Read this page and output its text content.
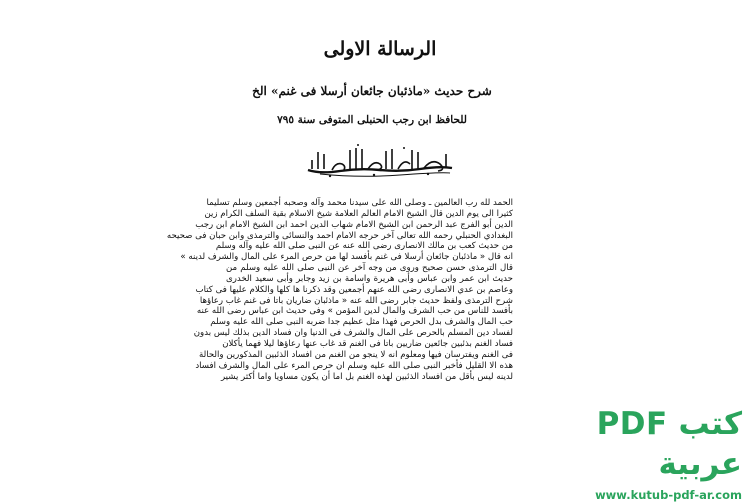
الرسالة الاولى
شرح حديث «ماذئبان جائعان أرسلا فى غنم» الخ
للحافظ ابن رجب الحنبلى المتوفى سنة ٧٩٥
الحمد لله رب العالمين ـ وصلى الله على سيدنا محمد وآله وصحبه أجمعين وسلم تسليما
كثيرا الى يوم الدين قال الشيخ الامام العالم العلامة شيخ الاسلام بقية السلف الكرام زين
الدين أبو الفرج عبد الرحمن ابن الشيخ الامام شهاب الدين احمد ابن الشيخ الامام ابن رجب
البغدادي الحنبلي رحمه الله تعالى آخر حرجه الامام احمد والنسائى والترمذى وابن حبان فى صحيحه
من حديث كعب بن مالك الانصارى رضى الله عنه عن النبى صلى الله عليه وآله وسلم
انه قال « ماذئبان جائعان أرسلا فى غنم بأفسد لها من حرص المرء على المال والشرف لدينه »
قال الترمذى حسن صحيح وروى من وجه آخر عن النبى صلى الله عليه وسلم من
حديث ابن عمر وابن عباس وأبى هريرة واسامة بن زيد وجابر وأبى سعيد الخدرى
وعاصم بن عدي الانصارى رضى الله عنهم أجمعين وقد ذكرنا ها كلها والكلام عليها فى كتاب
شرح الترمذى ولفظ حديث جابر رضى الله عنه « ماذئبان ضاريان باتا فى غنم غاب رعاؤها
بأفسد للناس من حب الشرف والمال لدين المؤمن » وفى حديث ابن عباس رضى الله عنه
حب المال والشرف بدل الحرص فهذا مثل عظيم جدا ضربه النبى صلى الله عليه وسلم
لفساد دين المسلم بالحرص على المال والشرف فى الدنيا وان فساد الدين بذلك ليس بدون
فساد الغنم بذئبين جائعين ضاريين باتا فى الغنم قد غاب عنها رعاؤها ليلا فهما يأكلان
فى الغنم ويفترسان فيها ومعلوم انه لا ينجو من الغنم من افساد الذئبين المذكورين والحالة
هذه الا القليل فأخبر النبى صلى الله عليه وسلم ان حرص المرء على المال والشرف افساد
لدينه ليس بأقل من افساد الذئبين لهذه الغنم بل اما أن يكون مساويا واما أكثر يشير
كتب PDF عربية
www.kutub-pdf-ar.com
